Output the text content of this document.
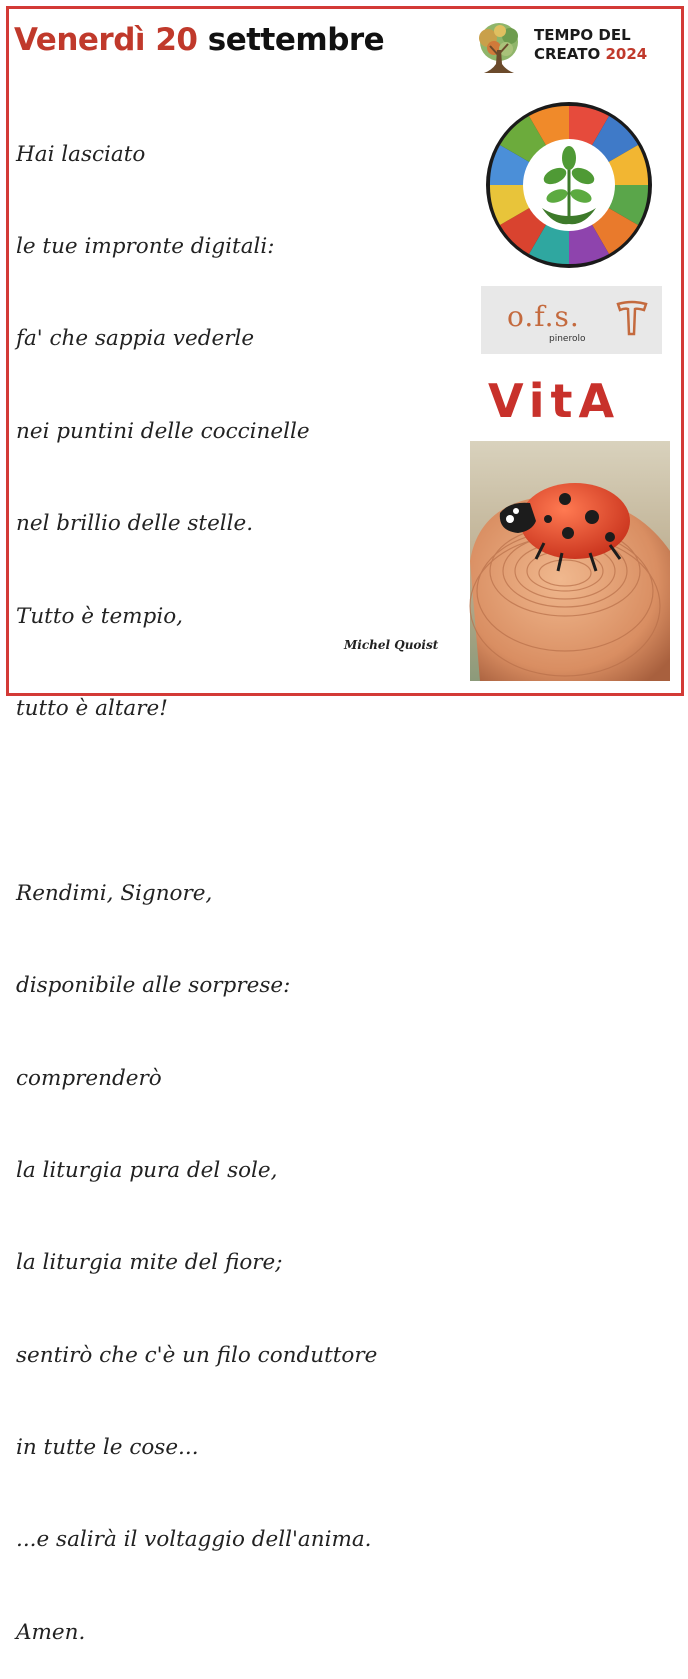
Venerdì 20 settembre

Hai lasciato

le tue impronte digitali:

fa' che sappia vederle

nei puntini delle coccinelle

nel brillio delle stelle.

Tutto è tempio,

tutto è altare!

Rendimi, Signore,

disponibile alle sorprese:

comprenderò

la liturgia pura del sole,

la liturgia mite del fiore;

sentirò che c'è un filo conduttore

in tutte le cose...

...e salirà il voltaggio dell'anima.

Amen.

Michel Quoist
TEMPO DEL
CREATO 2024
o.f.s.
pinerolo
VitA
